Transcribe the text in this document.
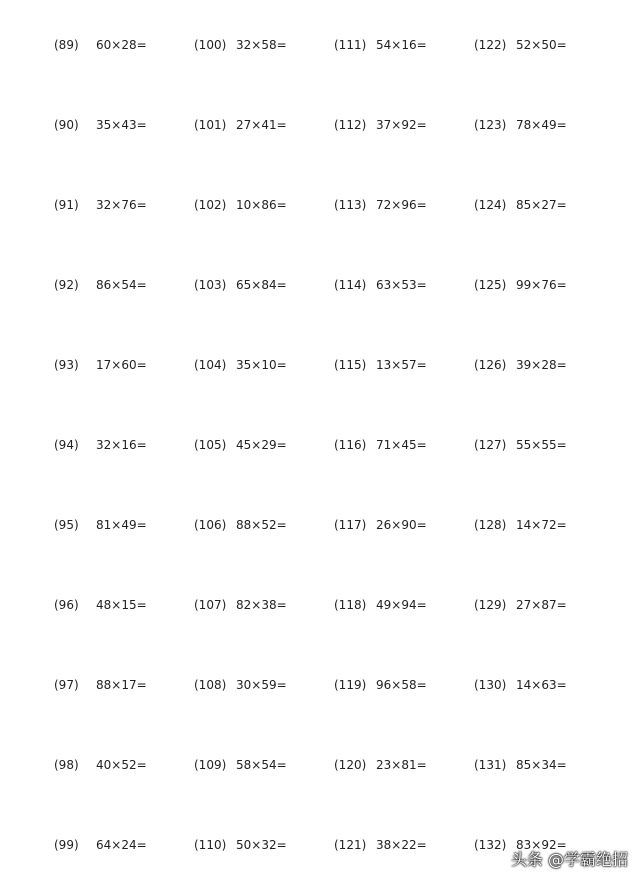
(89) 60×28=
(90) 35×43=
(91) 32×76=
(92) 86×54=
(93) 17×60=
(94) 32×16=
(95) 81×49=
(96) 48×15=
(97) 88×17=
(98) 40×52=
(99) 64×24=
(100) 32×58=
(101) 27×41=
(102) 10×86=
(103) 65×84=
(104) 35×10=
(105) 45×29=
(106) 88×52=
(107) 82×38=
(108) 30×59=
(109) 58×54=
(110) 50×32=
(111) 54×16=
(112) 37×92=
(113) 72×96=
(114) 63×53=
(115) 13×57=
(116) 71×45=
(117) 26×90=
(118) 49×94=
(119) 96×58=
(120) 23×81=
(121) 38×22=
(122) 52×50=
(123) 78×49=
(124) 85×27=
(125) 99×76=
(126) 39×28=
(127) 55×55=
(128) 14×72=
(129) 27×87=
(130) 14×63=
(131) 85×34=
(132) 83×92=
头条 @学霸绝招
